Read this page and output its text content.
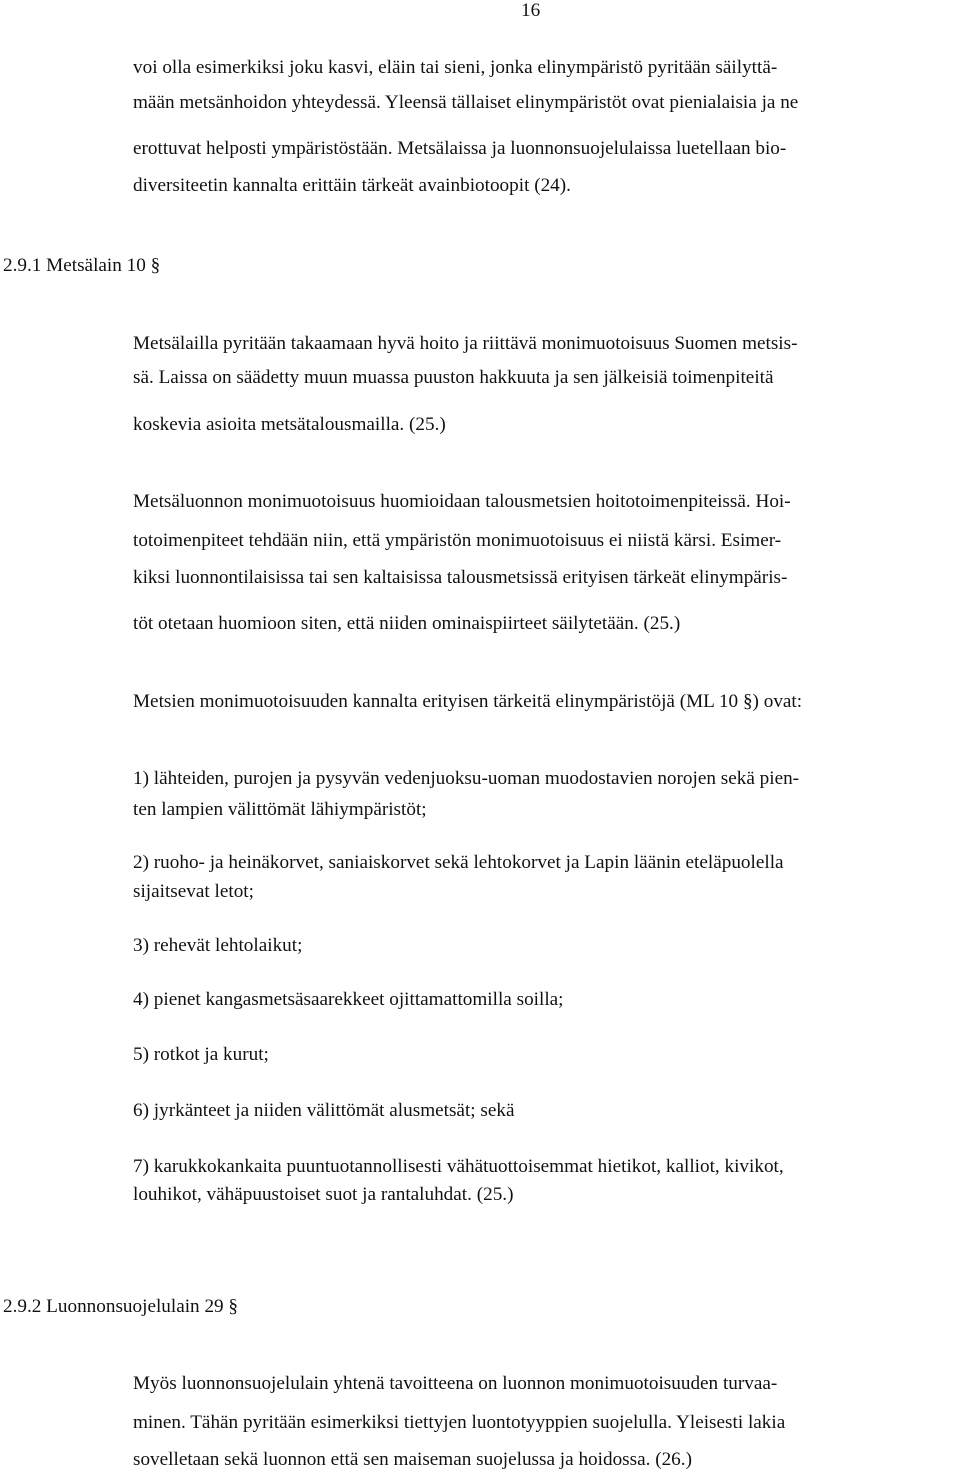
16
voi olla esimerkiksi joku kasvi, eläin tai sieni, jonka elinympäristö pyritään säilyttä-
mään metsänhoidon yhteydessä. Yleensä tällaiset elinympäristöt ovat pienialaisia ja ne
erottuvat helposti ympäristöstään. Metsälaissa ja luonnonsuojelulaissa luetellaan bio-
diversiteetin kannalta erittäin tärkeät avainbiotoopit (24).
2.9.1 Metsälain 10 §
Metsälailla pyritään takaamaan hyvä hoito ja riittävä monimuotoisuus Suomen metsis-
sä. Laissa on säädetty muun muassa puuston hakkuuta ja sen jälkeisiä toimenpiteitä
koskevia asioita metsätalousmailla. (25.)
Metsäluonnon monimuotoisuus huomioidaan talousmetsien hoitotoimenpiteissä. Hoi-
totoimenpiteet tehdään niin, että ympäristön monimuotoisuus ei niistä kärsi. Esimer-
kiksi luonnontilaisissa tai sen kaltaisissa talousmetsissä erityisen tärkeät elinympäris-
töt otetaan huomioon siten, että niiden ominaispiirteet säilytetään. (25.)
Metsien monimuotoisuuden kannalta erityisen tärkeitä elinympäristöjä (ML 10 §) ovat:
1) lähteiden, purojen ja pysyvän vedenjuoksu-uoman muodostavien norojen sekä pien-
ten lampien välittömät lähiympäristöt;
2) ruoho- ja heinäkorvet, saniaiskorvet sekä lehtokorvet ja Lapin läänin eteläpuolella
sijaitsevat letot;
3) rehevät lehtolaikut;
4) pienet kangasmetsäsaarekkeet ojittamattomilla soilla;
5) rotkot ja kurut;
6) jyrkänteet ja niiden välittömät alusmetsät; sekä
7) karukkokankaita puuntuotannollisesti vähätuottoisemmat hietikot, kalliot, kivikot,
louhikot, vähäpuustoiset suot ja rantaluhdat. (25.)
2.9.2 Luonnonsuojelulain 29 §
Myös luonnonsuojelulain yhtenä tavoitteena on luonnon monimuotoisuuden turvaa-
minen. Tähän pyritään esimerkiksi tiettyjen luontotyyppien suojelulla. Yleisesti lakia
sovelletaan sekä luonnon että sen maiseman suojelussa ja hoidossa. (26.)
